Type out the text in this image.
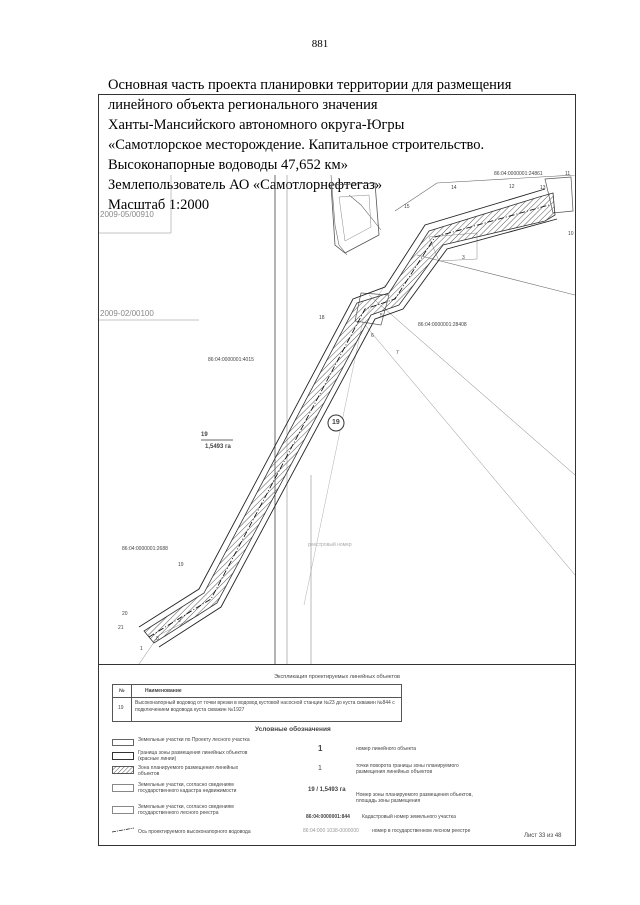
881
Основная часть проекта планировки территории для размещения
линейного объекта регионального значения
Ханты-Мансийского автономного округа-Югры
«Самотлорское месторождение. Капитальное строительство.
Высоконапорные водоводы 47,652 км»
Землепользователь АО «Самотлорнефтегаз»
Масштаб 1:2000
2009-05/00910
2009-02/00100
86:04:0000001:24861
86:04:0000001:28408
86:04:0000001:4015
86:04:0000001:2688
19
1,5493 га
19
реестровый номер
11
12	13
14
15
10
3
18	5
6
7
19
20
21
8
1
9
Экспликация проектируемых линейных объектов
№	Наименование
19
Высоконапорный водовод от точки врезки в водовод кустовой насосной станции №23 до куста скважин №844 с подключением водовода куста скважин №1927
Условные обозначения
Земельные участки по Проекту лесного участка
Граница зоны размещения линейных объектов (красные линии)
Зона планируемого размещения линейных объектов
Земельные участки, согласно сведениям государственного кадастра недвижимости
Земельные участки, согласно сведениям государственного лесного реестра
Ось проектируемого высоконапорного водовода
1	номер линейного объекта
1	точки поворота границы зоны планируемого размещения линейных объектов
19 / 1,5493 га
Номер зоны планируемого размещения объектов, площадь зоны размещения
86:04:0000001:844 Кадастровый номер земельного участка
86:04:000 1038-0000000	номер в государственном лесном реестре
Лист 33 из 48
